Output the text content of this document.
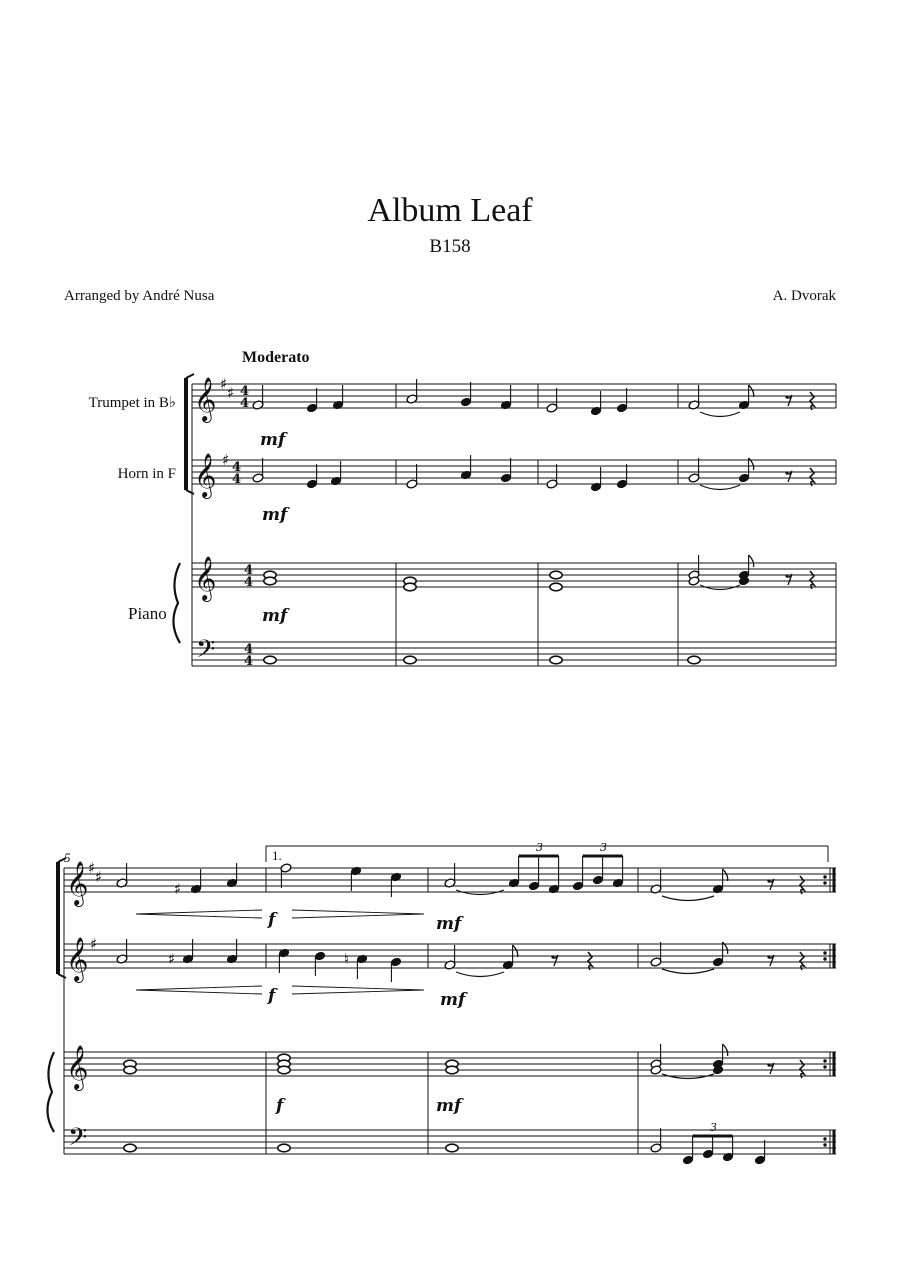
Album Leaf
B158
Arranged by André Nusa	A. Dvorak
Moderato
Trumpet in B♭
Horn in F
Piano
5	1.
𝄞
𝄞
𝄞
𝄢
♯ ♯
♯
4
4
4
4
4
4
4
4
𝄞
𝄞
𝄞
𝄢
♯ ♯
♯
♯
♯	♮
mf
mf
mf
3	3
f	mf
f	mf
f	mf
3
